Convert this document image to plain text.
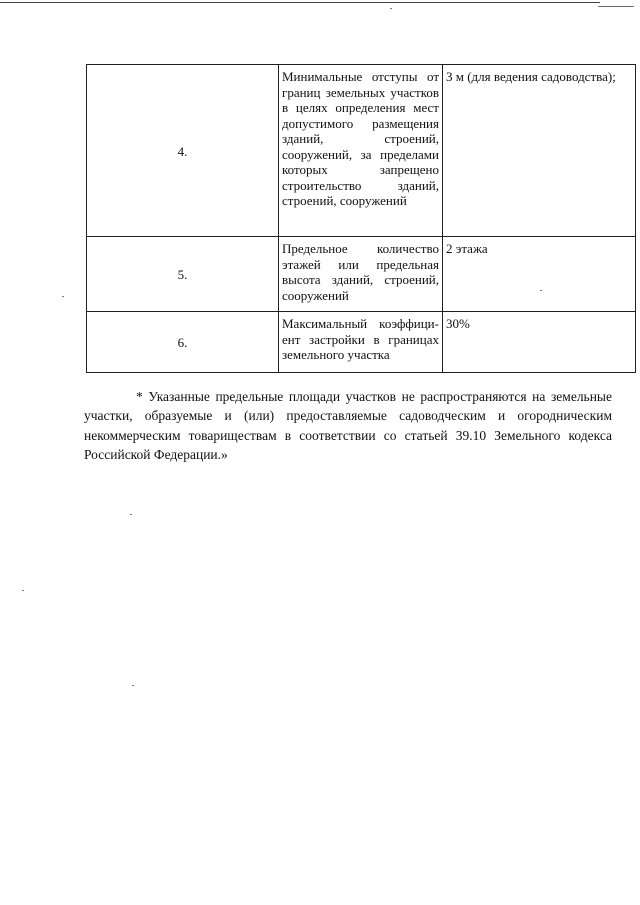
4.	Минимальные отступы от границ земельных участков в целях определения мест допустимого размещения зданий, строений, сооружений, за пределами которых запрещено строительство зданий, строений, сооружений	3 м (для ведения садоводства);
5.	Предельное количество этажей или предельная высота зданий, строений, сооружений	2 этажа
6.	Максимальный коэффициент застройки в границах земельного участка	30%

* Указанные предельные площади участков не распространяются на земельные участки, образуемые и (или) предоставляемые садоводческим и огородническим некоммерческим товариществам в соответствии со статьей 39.10 Земельного кодекса Российской Федерации.»
